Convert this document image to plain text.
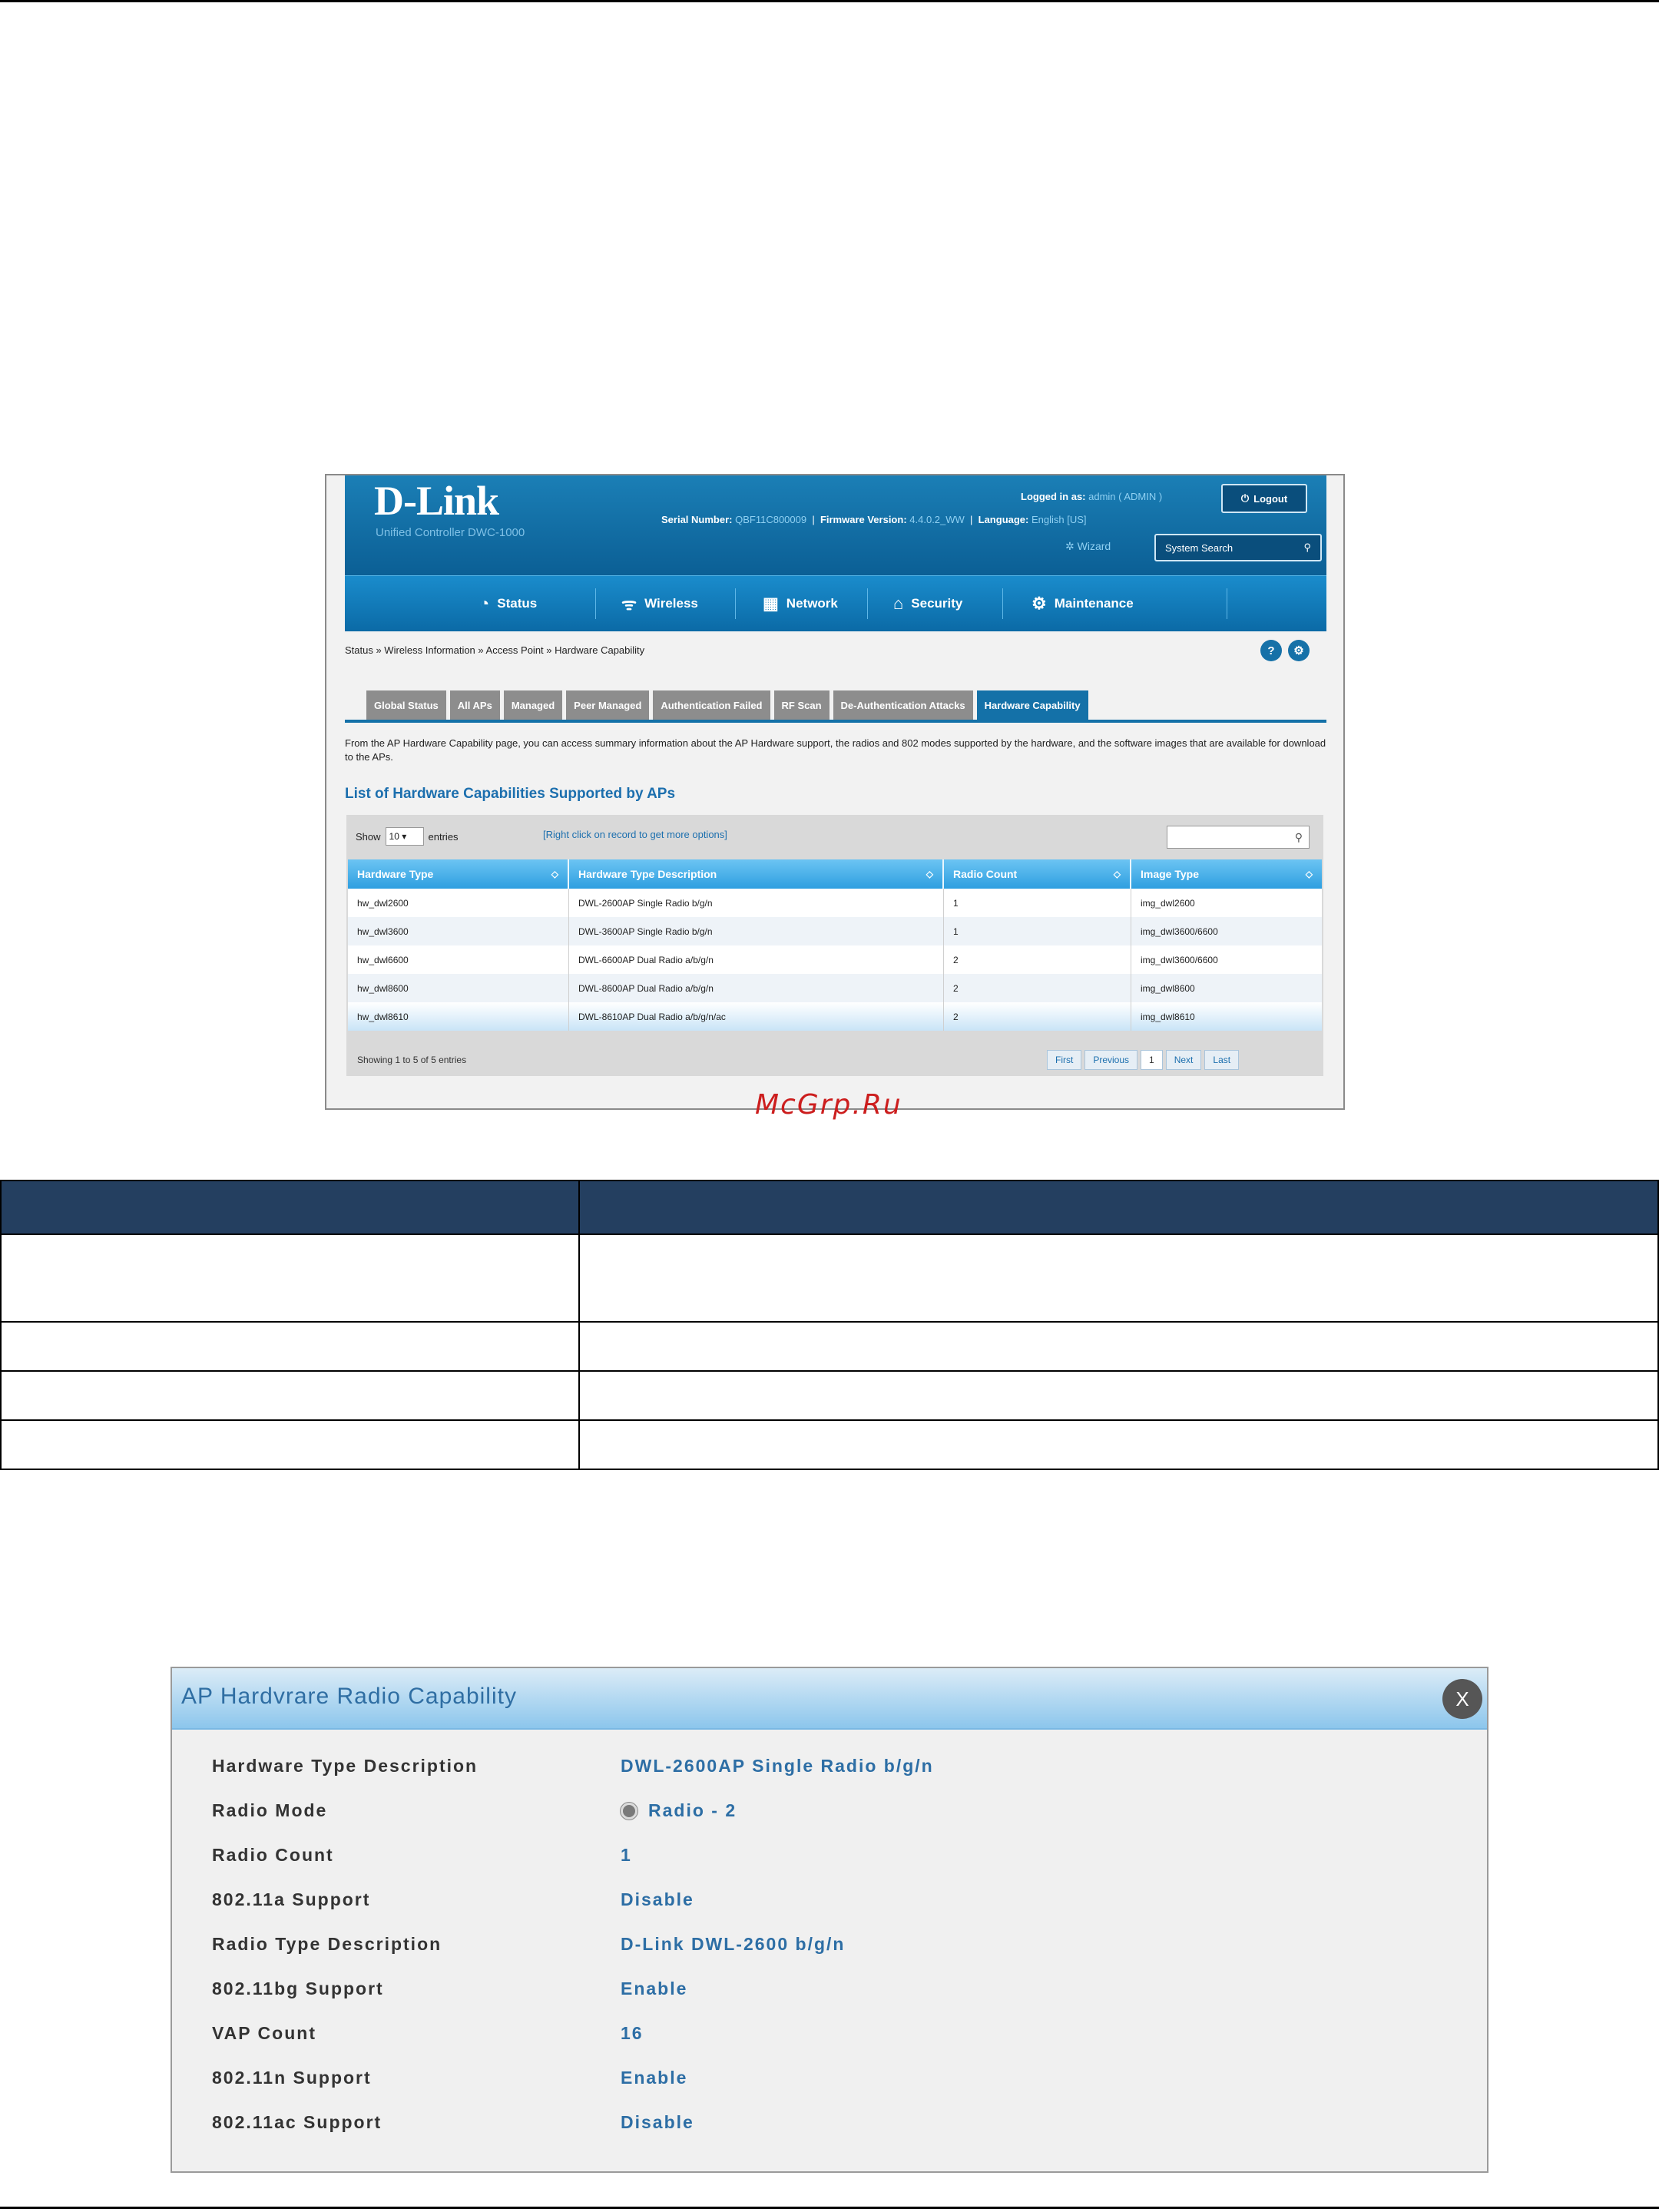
D-Link
Unified Controller DWC-1000
Serial Number: QBF11C800009  |  Firmware Version: 4.4.0.2_WW  |  Language: English [US]
Logged in as: admin ( ADMIN )	⏻ Logout
✲ Wizard	System Search	⚲
◔ Status	ᯤ Wireless	▦ Network	⌂ Security	⚙ Maintenance
Status » Wireless Information » Access Point » Hardware Capability	?	⚙
Global Status	All APs	Managed	Peer Managed	Authentication Failed	RF Scan	De-Authentication Attacks	Hardware Capability
From the AP Hardware Capability page, you can access summary information about the AP Hardware support, the radios and 802 modes supported by the hardware, and the software images that are available for download to the APs.
List of Hardware Capabilities Supported by APs
Show 10 ▾	entries	[Right click on record to get more options]	⚲
Hardware Type	◇ Hardware Type Description	◇ Radio Count	◇ Image Type	◇
hw_dwl2600	DWL-2600AP Single Radio b/g/n	1	img_dwl2600
hw_dwl3600	DWL-3600AP Single Radio b/g/n	1	img_dwl3600/6600
hw_dwl6600	DWL-6600AP Dual Radio a/b/g/n	2	img_dwl3600/6600
hw_dwl8600	DWL-8600AP Dual Radio a/b/g/n	2	img_dwl8600
hw_dwl8610	DWL-8610AP Dual Radio a/b/g/n/ac	2	img_dwl8610
Showing 1 to 5 of 5 entries	First	Previous	1	Next	Last
McGrp.Ru

AP Hardvrare Radio Capability	X
Hardware Type Description	DWL-2600AP Single Radio b/g/n
Radio Mode	Radio - 2
Radio Count	1
802.11a Support	Disable
Radio Type Description	D-Link DWL-2600 b/g/n
802.11bg Support	Enable
VAP Count	16
802.11n Support	Enable
802.11ac Support	Disable
